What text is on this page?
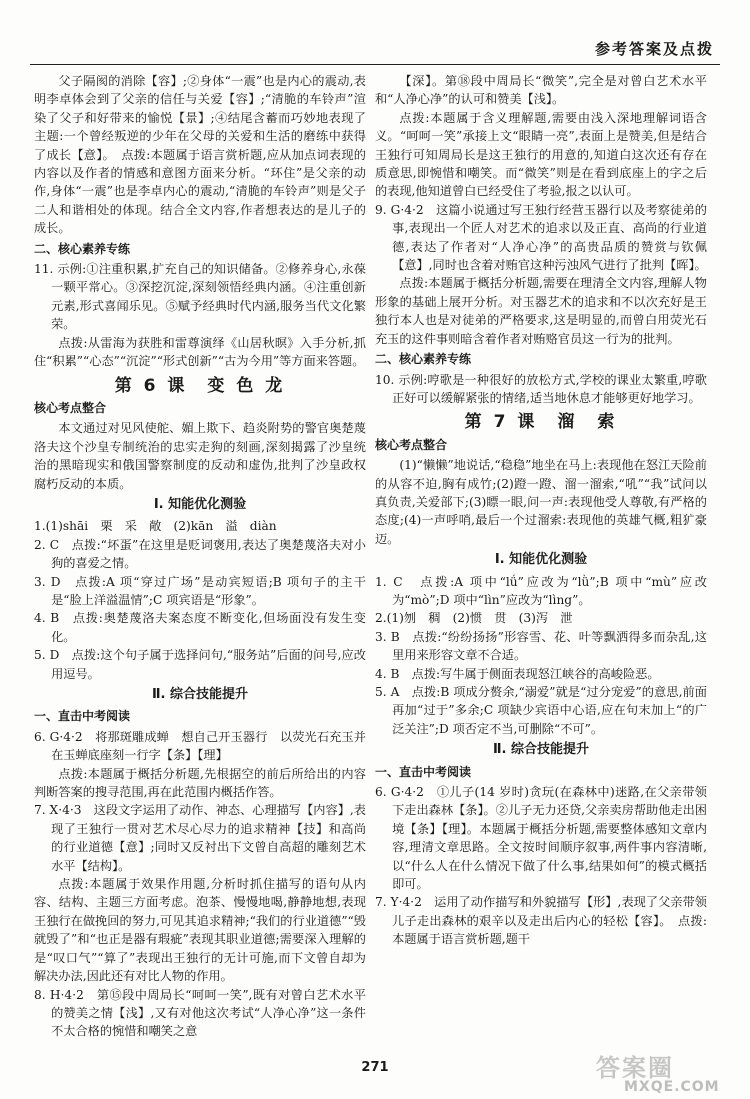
参考答案及点拨

父子隔阂的消除【容】;②身体“一震”也是内心的震动,表明李卓体会到了父亲的信任与关爱【容】;“清脆的车铃声”渲染了父子和好带来的愉悦【景】;④结尾含蓄而巧妙地表现了主题:一个曾经叛逆的少年在父母的关爱和生活的磨练中获得了成长【意】。　点拨:本题属于语言赏析题,应从加点词表现的内容以及作者的情感和意图方面来分析。“环住”是父亲的动作,身体“一震”也是李卓内心的震动,“清脆的车铃声”则是父子二人和谐相处的体现。结合全文内容,作者想表达的是儿子的成长。

二、核心素养专练

11. 示例:①注重积累,扩充自己的知识储备。②修养身心,永葆一颗平常心。③深挖沉淀,深刻领悟经典内涵。④注重创新元素,形式喜闻乐见。⑤赋予经典时代内涵,服务当代文化繁荣。

点拨:从雷海为获胜和雷尊演绎《山居秋暝》入手分析,抓住“积累”“心态”“沉淀”“形式创新”“古为今用”等方面来答题。

第 6 课　变 色 龙

核心考点整合

本文通过对见风使舵、媚上欺下、趋炎附势的警官奥楚蔑洛夫这个沙皇专制统治的忠实走狗的刻画,深刻揭露了沙皇统治的黑暗现实和俄国警察制度的反动和虚伪,批判了沙皇政权腐朽反动的本质。

Ⅰ. 知能优化测验

1.(1)shāi　栗　采　敞　(2)kān　溢　diàn

2. C　点拨:“坏蛋”在这里是贬词褒用,表达了奥楚蔑洛夫对小狗的喜爱之情。

3. D　点拨:A 项“穿过广场”是动宾短语;B 项句子的主干是“脸上洋溢温情”;C 项宾语是“形象”。

4. B　点拨:奥楚蔑洛夫案态度不断变化,但场面没有发生变化。

5. D　点拨:这个句子属于选择问句,“服务站”后面的问号,应改用逗号。

Ⅱ. 综合技能提升

一、直击中考阅读

6. G·4·2　将那斑雕成蝉　想自己开玉器行　以荧光石充玉并在玉蝉底座刻一行字【条】【理】

点拨:本题属于概括分析题,先根据空的前后所给出的内容判断答案的搜寻范围,再在此范围内概括作答。

7. X·4·3　这段文字运用了动作、神态、心理描写【内容】,表现了王独行一贯对艺术尽心尽力的追求精神【技】和高尚的行业道德【意】;同时又反衬出下文曾自高超的雕刻艺术水平【结构】。

点拨:本题属于效果作用题,分析时抓住描写的语句从内容、结构、主题三方面考虑。泡茶、慢慢地喝,静静地想,表现王独行在做挽回的努力,可见其追求精神;“我们的行业道德”“毁就毁了”和“也正是器有瑕疵”表现其职业道德;需要深入理解的是“叹口气”“算了”表现出王独行的无计可施,而下文曾自却为解决办法,因此还有对比人物的作用。

8. H·4·2　第⑮段中周局长“呵呵一笑”,既有对曾白艺术水平的赞美之情【浅】,又有对他这次考试“人净心净”这一条件不太合格的惋惜和嘲笑之意

【深】。第⑱段中周局长“微笑”,完全是对曾白艺术水平和“人净心净”的认可和赞美【浅】。

点拨:本题属于含义理解题,需要由浅入深地理解词语含义。“呵呵一笑”承接上文“眼睛一亮”,表面上是赞美,但是结合王独行可知周局长是这王独行的用意的,知道白这次还有存在质意思,即惋惜和嘲笑。而“微笑”则是在看到底座上的字之后的表现,他知道曾白已经受住了考验,报之以认可。

9. G·4·2　这篇小说通过写王独行经营玉器行以及考察徒弟的事,表现出一个匠人对艺术的追求以及正直、高尚的行业道德,表达了作者对“人净心净”的高贵品质的赞赏与钦佩【意】,同时也含着对贿官这种污浊风气进行了批判【晖】。

点拨:本题属于概括分析题,需要在理清全文内容,理解人物形象的基础上展开分析。对玉器艺术的追求和不以次充好是王独行本人也是对徒弟的严格要求,这是明显的,而曾白用荧光石充玉的这件事则暗含着作者对贿赂官员这一行为的批判。

二、核心素养专练

10. 示例:哼歌是一种很好的放松方式,学校的课业太繁重,哼歌正好可以缓解紧张的情绪,适当地休息才能够更好地学习。

第 7 课　溜　索

核心考点整合

(1)“懒懒”地说话,“稳稳”地坐在马上:表现他在怒江天险前的从容不迫,胸有成竹;(2)蹬一蹬、溜一溜索,“吼”“我”试问以真负责,关爱部下;(3)瞟一眼,问一声:表现他受人尊敬,有严格的态度;(4)一声呼哨,最后一个过溜索:表现他的英雄气概,粗犷豪迈。

Ⅰ. 知能优化测验

1. C　点拨:A 项中“lǘ”应改为“lǜ”;B 项中“mù”应改为“mò”;D 项中“lìn”应改为“lìng”。

2.(1)刎　稠　(2)惯　贯　(3)泻　泄

3. B　点拨:“纷纷扬扬”形容雪、花、叶等飘洒得多而杂乱,这里用来形容文章不合适。

4. B　点拨:写牛属于侧面表现怒江峡谷的高峻险恶。

5. A　点拨:B 项成分赘余,“溺爱”就是“过分宠爱”的意思,前面再加“过于”多余;C 项缺少宾语中心语,应在句末加上“的广泛关注”;D 项否定不当,可删除“不可”。

Ⅱ. 综合技能提升

一、直击中考阅读

6. G·4·2　①儿子(14 岁时)贪玩(在森林中)迷路,在父亲带领下走出森林【条】。②儿子无力还贷,父亲卖房帮助他走出困境【条】【理】。本题属于概括分析题,需要整体感知文章内容,理清文章思路。全文按时间顺序叙事,两件事内容清晰,以“什么人在什么情况下做了什么事,结果如何”的模式概括即可。

7. Y·4·2　运用了动作描写和外貌描写【形】,表现了父亲带领儿子走出森林的艰辛以及走出后内心的轻松【容】。　点拨:本题属于语言赏析题,题干

271	答案圈
MXQE.COM
